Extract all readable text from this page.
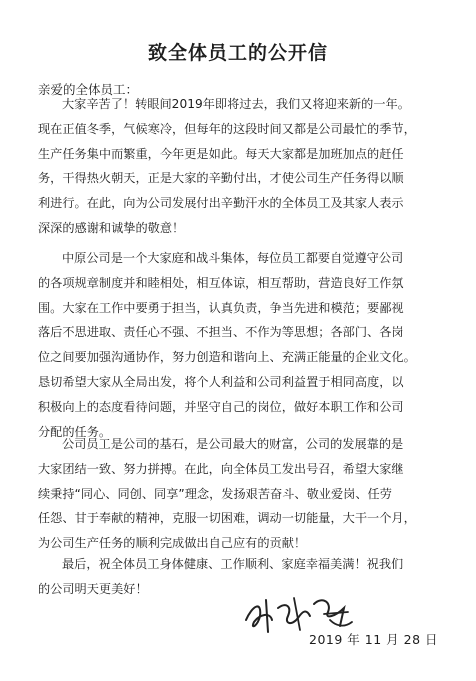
致全体员工的公开信
亲爱的全体员工：
大家辛苦了！转眼间2019年即将过去，我们又将迎来新的一年。
现在正值冬季，气候寒冷，但每年的这段时间又都是公司最忙的季节，
生产任务集中而繁重，今年更是如此。每天大家都是加班加点的赶任
务，干得热火朝天，正是大家的辛勤付出，才使公司生产任务得以顺
利进行。在此，向为公司发展付出辛勤汗水的全体员工及其家人表示
深深的感谢和诚挚的敬意！
中原公司是一个大家庭和战斗集体，每位员工都要自觉遵守公司
的各项规章制度并和睦相处，相互体谅，相互帮助，营造良好工作氛
围。大家在工作中要勇于担当，认真负责，争当先进和模范；要鄙视
落后不思进取、责任心不强、不担当、不作为等思想；各部门、各岗
位之间要加强沟通协作，努力创造和谐向上、充满正能量的企业文化。
恳切希望大家从全局出发，将个人利益和公司利益置于相同高度，以
积极向上的态度看待问题，并坚守自己的岗位，做好本职工作和公司
分配的任务。
公司员工是公司的基石，是公司最大的财富，公司的发展靠的是
大家团结一致、努力拼搏。在此，向全体员工发出号召，希望大家继
续秉持“同心、同创、同享”理念，发扬艰苦奋斗、敬业爱岗、任劳
任怨、甘于奉献的精神，克服一切困难，调动一切能量，大干一个月，
为公司生产任务的顺利完成做出自己应有的贡献！
最后，祝全体员工身体健康、工作顺利、家庭幸福美满！祝我们
的公司明天更美好！
2019 年 11 月 28 日
